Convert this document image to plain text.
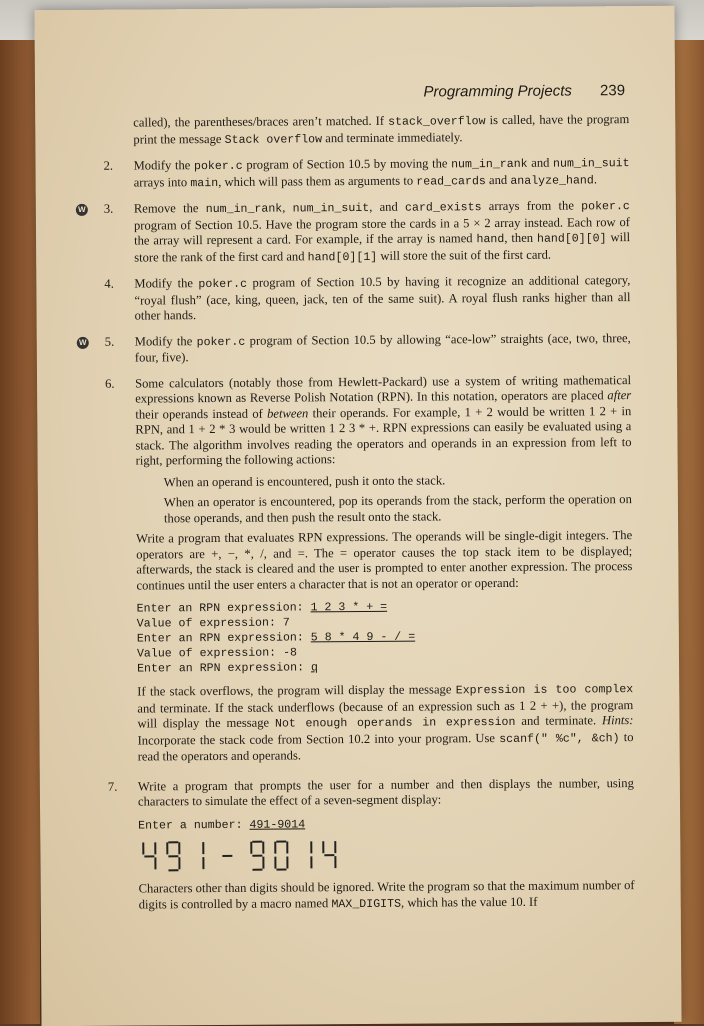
Programming Projects 239

called), the parentheses/braces aren’t matched. If stack_overflow is called, have the program print the message Stack overflow and terminate immediately.

2. Modify the poker.c program of Section 10.5 by moving the num_in_rank and num_in_suit arrays into main, which will pass them as arguments to read_cards and analyze_hand.

W 3. Remove the num_in_rank, num_in_suit, and card_exists arrays from the poker.c program of Section 10.5. Have the program store the cards in a 5 × 2 array instead. Each row of the array will represent a card. For example, if the array is named hand, then hand[0][0] will store the rank of the first card and hand[0][1] will store the suit of the first card.

4. Modify the poker.c program of Section 10.5 by having it recognize an additional category, “royal flush” (ace, king, queen, jack, ten of the same suit). A royal flush ranks higher than all other hands.

W 5. Modify the poker.c program of Section 10.5 by allowing “ace-low” straights (ace, two, three, four, five).

6. Some calculators (notably those from Hewlett-Packard) use a system of writing mathematical expressions known as Reverse Polish Notation (RPN). In this notation, operators are placed after their operands instead of between their operands. For example, 1 + 2 would be written 1 2 + in RPN, and 1 + 2 * 3 would be written 1 2 3 * +. RPN expressions can easily be evaluated using a stack. The algorithm involves reading the operators and operands in an expression from left to right, performing the following actions:

When an operand is encountered, push it onto the stack.

When an operator is encountered, pop its operands from the stack, perform the operation on those operands, and then push the result onto the stack.

Write a program that evaluates RPN expressions. The operands will be single-digit integers. The operators are +, −, *, /, and =. The = operator causes the top stack item to be displayed; afterwards, the stack is cleared and the user is prompted to enter another expression. The process continues until the user enters a character that is not an operator or operand:

Enter an RPN expression: 1 2 3 * + =
Value of expression: 7
Enter an RPN expression: 5 8 * 4 9 - / =
Value of expression: -8
Enter an RPN expression: q

If the stack overflows, the program will display the message Expression is too complex and terminate. If the stack underflows (because of an expression such as 1 2 + +), the program will display the message Not enough operands in expression and terminate. Hints: Incorporate the stack code from Section 10.2 into your program. Use scanf(" %c", &ch) to read the operators and operands.

7. Write a program that prompts the user for a number and then displays the number, using characters to simulate the effect of a seven-segment display:

Enter a number: 491-9014

Characters other than digits should be ignored. Write the program so that the maximum number of digits is controlled by a macro named MAX_DIGITS, which has the value 10. If
